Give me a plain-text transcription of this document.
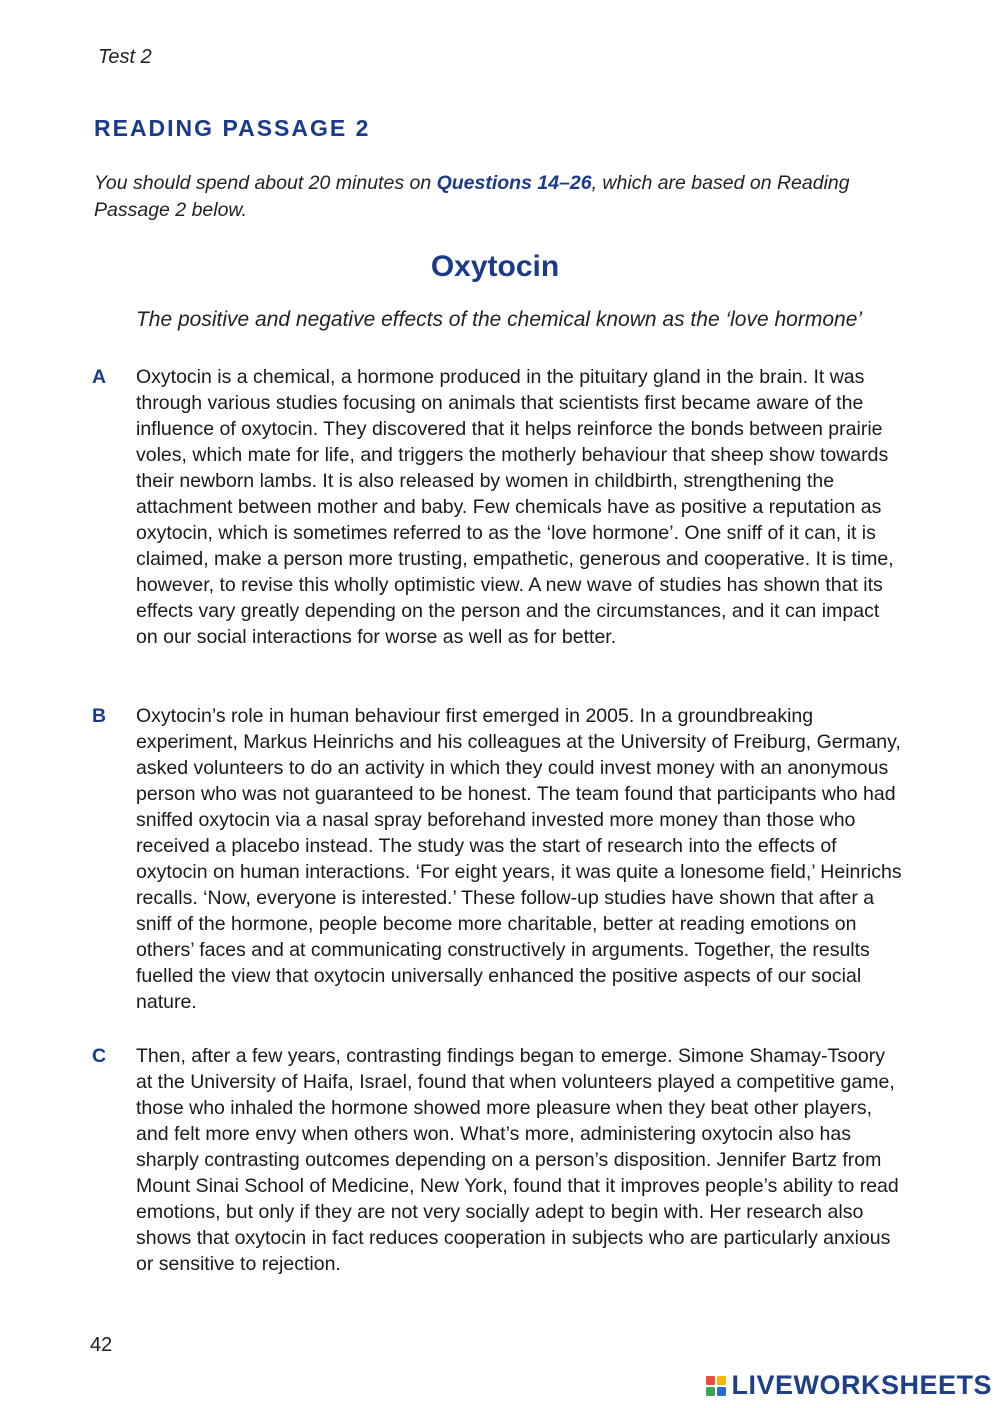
Test 2
READING PASSAGE 2
You should spend about 20 minutes on Questions 14–26, which are based on Reading Passage 2 below.
Oxytocin
The positive and negative effects of the chemical known as the ‘love hormone’
A Oxytocin is a chemical, a hormone produced in the pituitary gland in the brain. It was through various studies focusing on animals that scientists first became aware of the influence of oxytocin. They discovered that it helps reinforce the bonds between prairie voles, which mate for life, and triggers the motherly behaviour that sheep show towards their newborn lambs. It is also released by women in childbirth, strengthening the attachment between mother and baby. Few chemicals have as positive a reputation as oxytocin, which is sometimes referred to as the ‘love hormone’. One sniff of it can, it is claimed, make a person more trusting, empathetic, generous and cooperative. It is time, however, to revise this wholly optimistic view. A new wave of studies has shown that its effects vary greatly depending on the person and the circumstances, and it can impact on our social interactions for worse as well as for better.
B Oxytocin’s role in human behaviour first emerged in 2005. In a groundbreaking experiment, Markus Heinrichs and his colleagues at the University of Freiburg, Germany, asked volunteers to do an activity in which they could invest money with an anonymous person who was not guaranteed to be honest. The team found that participants who had sniffed oxytocin via a nasal spray beforehand invested more money than those who received a placebo instead. The study was the start of research into the effects of oxytocin on human interactions. ‘For eight years, it was quite a lonesome field,’ Heinrichs recalls. ‘Now, everyone is interested.’ These follow-up studies have shown that after a sniff of the hormone, people become more charitable, better at reading emotions on others’ faces and at communicating constructively in arguments. Together, the results fuelled the view that oxytocin universally enhanced the positive aspects of our social nature.
C Then, after a few years, contrasting findings began to emerge. Simone Shamay-Tsoory at the University of Haifa, Israel, found that when volunteers played a competitive game, those who inhaled the hormone showed more pleasure when they beat other players, and felt more envy when others won. What’s more, administering oxytocin also has sharply contrasting outcomes depending on a person’s disposition. Jennifer Bartz from Mount Sinai School of Medicine, New York, found that it improves people’s ability to read emotions, but only if they are not very socially adept to begin with. Her research also shows that oxytocin in fact reduces cooperation in subjects who are particularly anxious or sensitive to rejection.
42
LIVEWORKSHEETS
